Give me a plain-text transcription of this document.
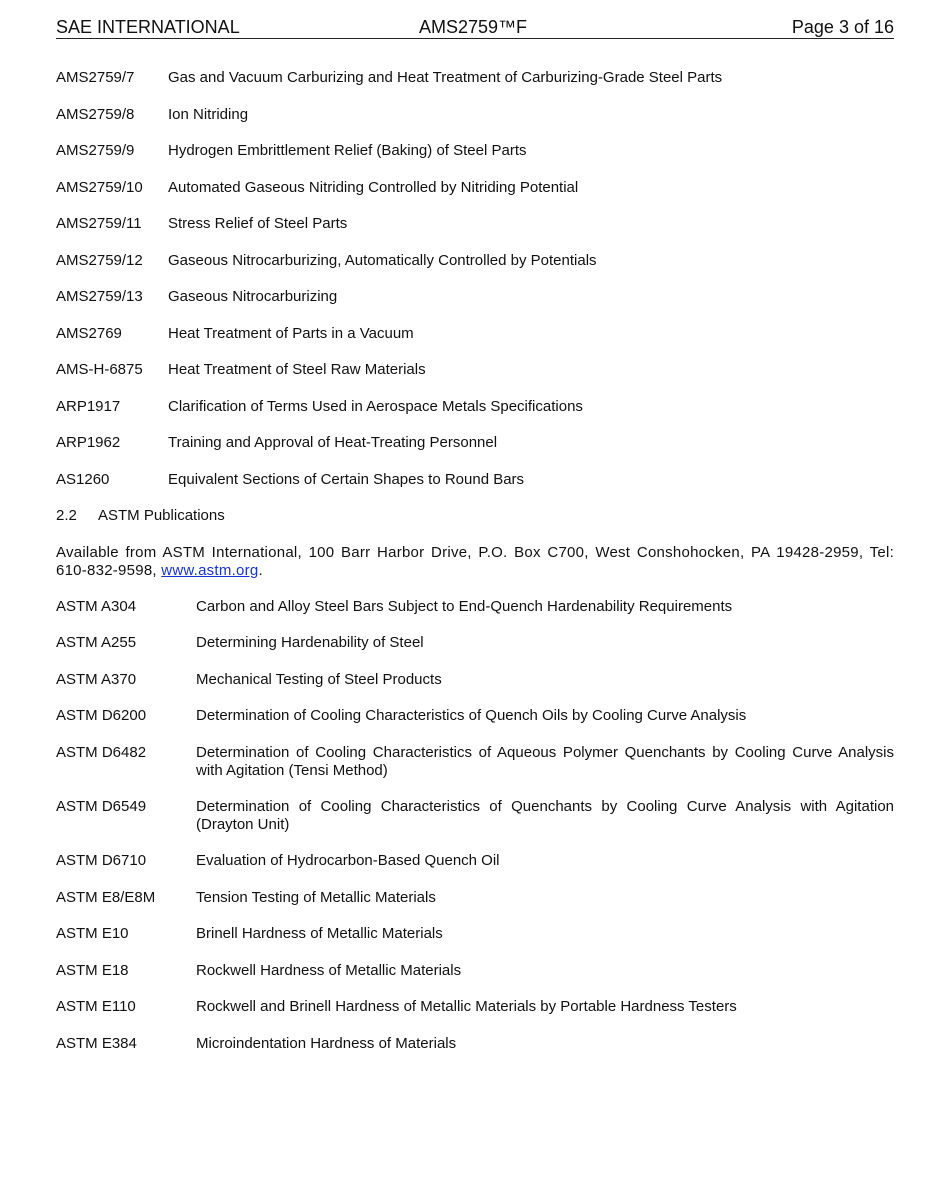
SAE INTERNATIONAL	AMS2759™F	Page 3 of 16
AMS2759/7 Gas and Vacuum Carburizing and Heat Treatment of Carburizing-Grade Steel Parts
AMS2759/8 Ion Nitriding
AMS2759/9 Hydrogen Embrittlement Relief (Baking) of Steel Parts
AMS2759/10 Automated Gaseous Nitriding Controlled by Nitriding Potential
AMS2759/11 Stress Relief of Steel Parts
AMS2759/12 Gaseous Nitrocarburizing, Automatically Controlled by Potentials
AMS2759/13 Gaseous Nitrocarburizing
AMS2769	Heat Treatment of Parts in a Vacuum
AMS-H-6875 Heat Treatment of Steel Raw Materials
ARP1917	Clarification of Terms Used in Aerospace Metals Specifications
ARP1962	Training and Approval of Heat-Treating Personnel
AS1260	Equivalent Sections of Certain Shapes to Round Bars
2.2 ASTM Publications
Available from ASTM International, 100 Barr Harbor Drive, P.O. Box C700, West Conshohocken, PA 19428-2959, Tel: 610-832-9598, www.astm.org.
ASTM A304	Carbon and Alloy Steel Bars Subject to End-Quench Hardenability Requirements
ASTM A255	Determining Hardenability of Steel
ASTM A370	Mechanical Testing of Steel Products
ASTM D6200	Determination of Cooling Characteristics of Quench Oils by Cooling Curve Analysis
ASTM D6482	Determination of Cooling Characteristics of Aqueous Polymer Quenchants by Cooling Curve Analysis with Agitation (Tensi Method)
ASTM D6549	Determination of Cooling Characteristics of Quenchants by Cooling Curve Analysis with Agitation (Drayton Unit)
ASTM D6710	Evaluation of Hydrocarbon-Based Quench Oil
ASTM E8/E8M	Tension Testing of Metallic Materials
ASTM E10	Brinell Hardness of Metallic Materials
ASTM E18	Rockwell Hardness of Metallic Materials
ASTM E110	Rockwell and Brinell Hardness of Metallic Materials by Portable Hardness Testers
ASTM E384	Microindentation Hardness of Materials
